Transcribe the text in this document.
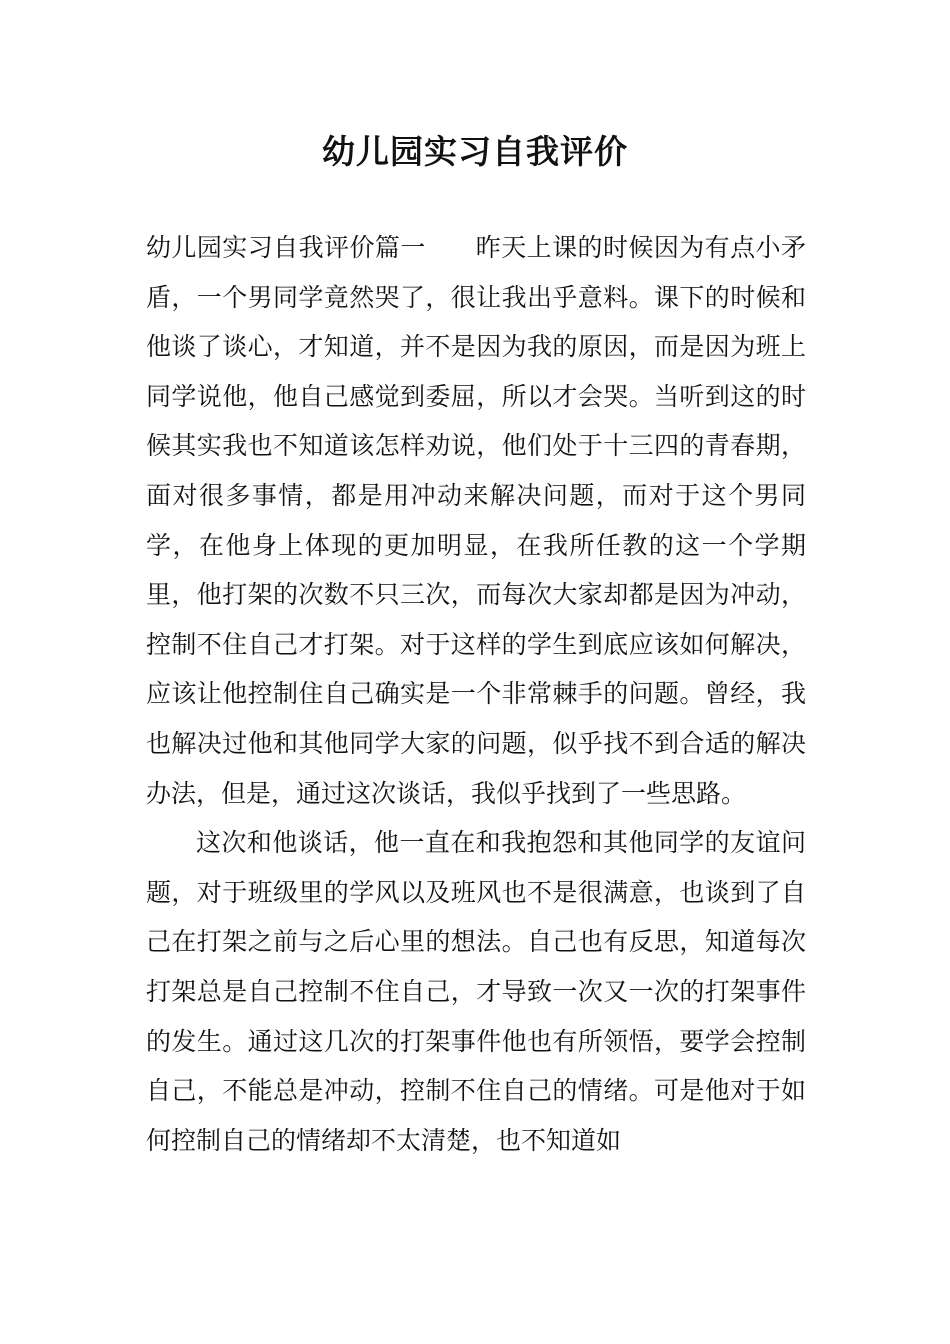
幼儿园实习自我评价

幼儿园实习自我评价篇一 昨天上课的时候因为有点小矛盾，一个男同学竟然哭了，很让我出乎意料。课下的时候和他谈了谈心，才知道，并不是因为我的原因，而是因为班上同学说他，他自己感觉到委屈，所以才会哭。当听到这的时候其实我也不知道该怎样劝说，他们处于十三四的青春期，面对很多事情，都是用冲动来解决问题，而对于这个男同学，在他身上体现的更加明显，在我所任教的这一个学期里，他打架的次数不只三次，而每次大家却都是因为冲动，控制不住自己才打架。对于这样的学生到底应该如何解决，应该让他控制住自己确实是一个非常棘手的问题。曾经，我也解决过他和其他同学大家的问题，似乎找不到合适的解决办法，但是，通过这次谈话，我似乎找到了一些思路。

这次和他谈话，他一直在和我抱怨和其他同学的友谊问题，对于班级里的学风以及班风也不是很满意，也谈到了自己在打架之前与之后心里的想法。自己也有反思，知道每次打架总是自己控制不住自己，才导致一次又一次的打架事件的发生。通过这几次的打架事件他也有所领悟，要学会控制自己，不能总是冲动，控制不住自己的情绪。可是他对于如何控制自己的情绪却不太清楚，也不知道如
